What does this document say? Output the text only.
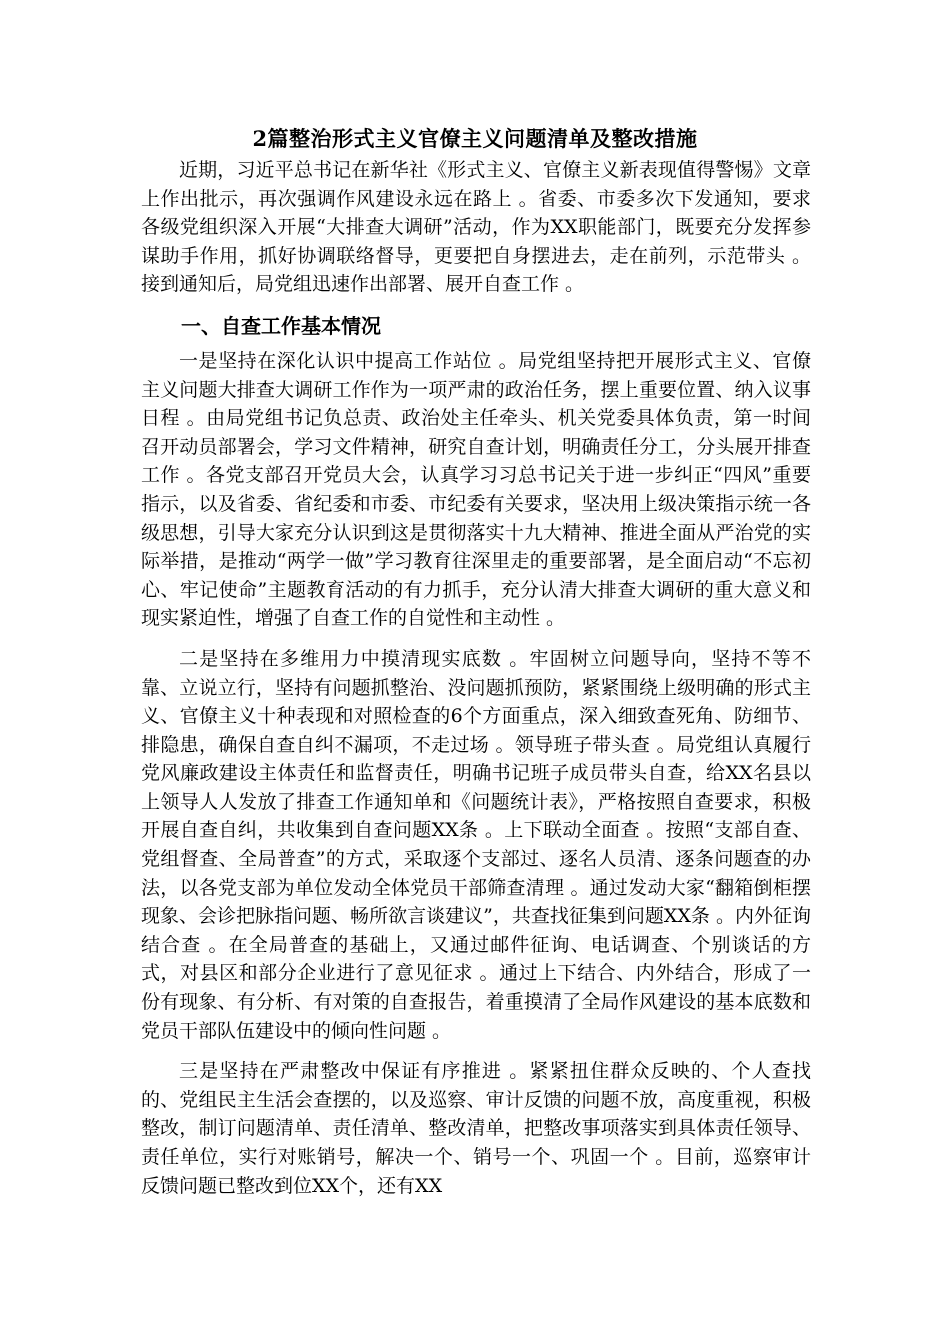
2篇整治形式主义官僚主义问题清单及整改措施

近期，习近平总书记在新华社《形式主义、官僚主义新表现值得警惕》文章上作出批示，再次强调作风建设永远在路上 。省委、市委多次下发通知，要求各级党组织深入开展“大排查大调研”活动，作为XX职能部门，既要充分发挥参谋助手作用，抓好协调联络督导，更要把自身摆进去，走在前列，示范带头 。接到通知后，局党组迅速作出部署、展开自查工作 。

一、自查工作基本情况

一是坚持在深化认识中提高工作站位 。局党组坚持把开展形式主义、官僚主义问题大排查大调研工作作为一项严肃的政治任务，摆上重要位置、纳入议事日程 。由局党组书记负总责、政治处主任牵头、机关党委具体负责，第一时间召开动员部署会，学习文件精神，研究自查计划，明确责任分工，分头展开排查工作 。各党支部召开党员大会，认真学习习总书记关于进一步纠正“四风”重要指示，以及省委、省纪委和市委、市纪委有关要求，坚决用上级决策指示统一各级思想，引导大家充分认识到这是贯彻落实十九大精神、推进全面从严治党的实际举措，是推动“两学一做”学习教育往深里走的重要部署，是全面启动“不忘初心、牢记使命”主题教育活动的有力抓手，充分认清大排查大调研的重大意义和现实紧迫性，增强了自查工作的自觉性和主动性 。

二是坚持在多维用力中摸清现实底数 。牢固树立问题导向，坚持不等不靠、立说立行，坚持有问题抓整治、没问题抓预防，紧紧围绕上级明确的形式主义、官僚主义十种表现和对照检查的6个方面重点，深入细致查死角、防细节、排隐患，确保自查自纠不漏项，不走过场 。领导班子带头查 。局党组认真履行党风廉政建设主体责任和监督责任，明确书记班子成员带头自查，给XX名县以上领导人人发放了排查工作通知单和《问题统计表》，严格按照自查要求，积极开展自查自纠，共收集到自查问题XX条 。上下联动全面查 。按照“支部自查、党组督查、全局普查”的方式，采取逐个支部过、逐名人员清、逐条问题查的办法，以各党支部为单位发动全体党员干部筛查清理 。通过发动大家“翻箱倒柜摆现象、会诊把脉指问题、畅所欲言谈建议”，共查找征集到问题XX条 。内外征询结合查 。在全局普查的基础上，又通过邮件征询、电话调查、个别谈话的方式，对县区和部分企业进行了意见征求 。通过上下结合、内外结合，形成了一份有现象、有分析、有对策的自查报告，着重摸清了全局作风建设的基本底数和党员干部队伍建设中的倾向性问题 。

三是坚持在严肃整改中保证有序推进 。紧紧扭住群众反映的、个人查找的、党组民主生活会查摆的，以及巡察、审计反馈的问题不放，高度重视，积极整改，制订问题清单、责任清单、整改清单，把整改事项落实到具体责任领导、责任单位，实行对账销号，解决一个、销号一个、巩固一个 。目前，巡察审计反馈问题已整改到位XX个，还有XX
